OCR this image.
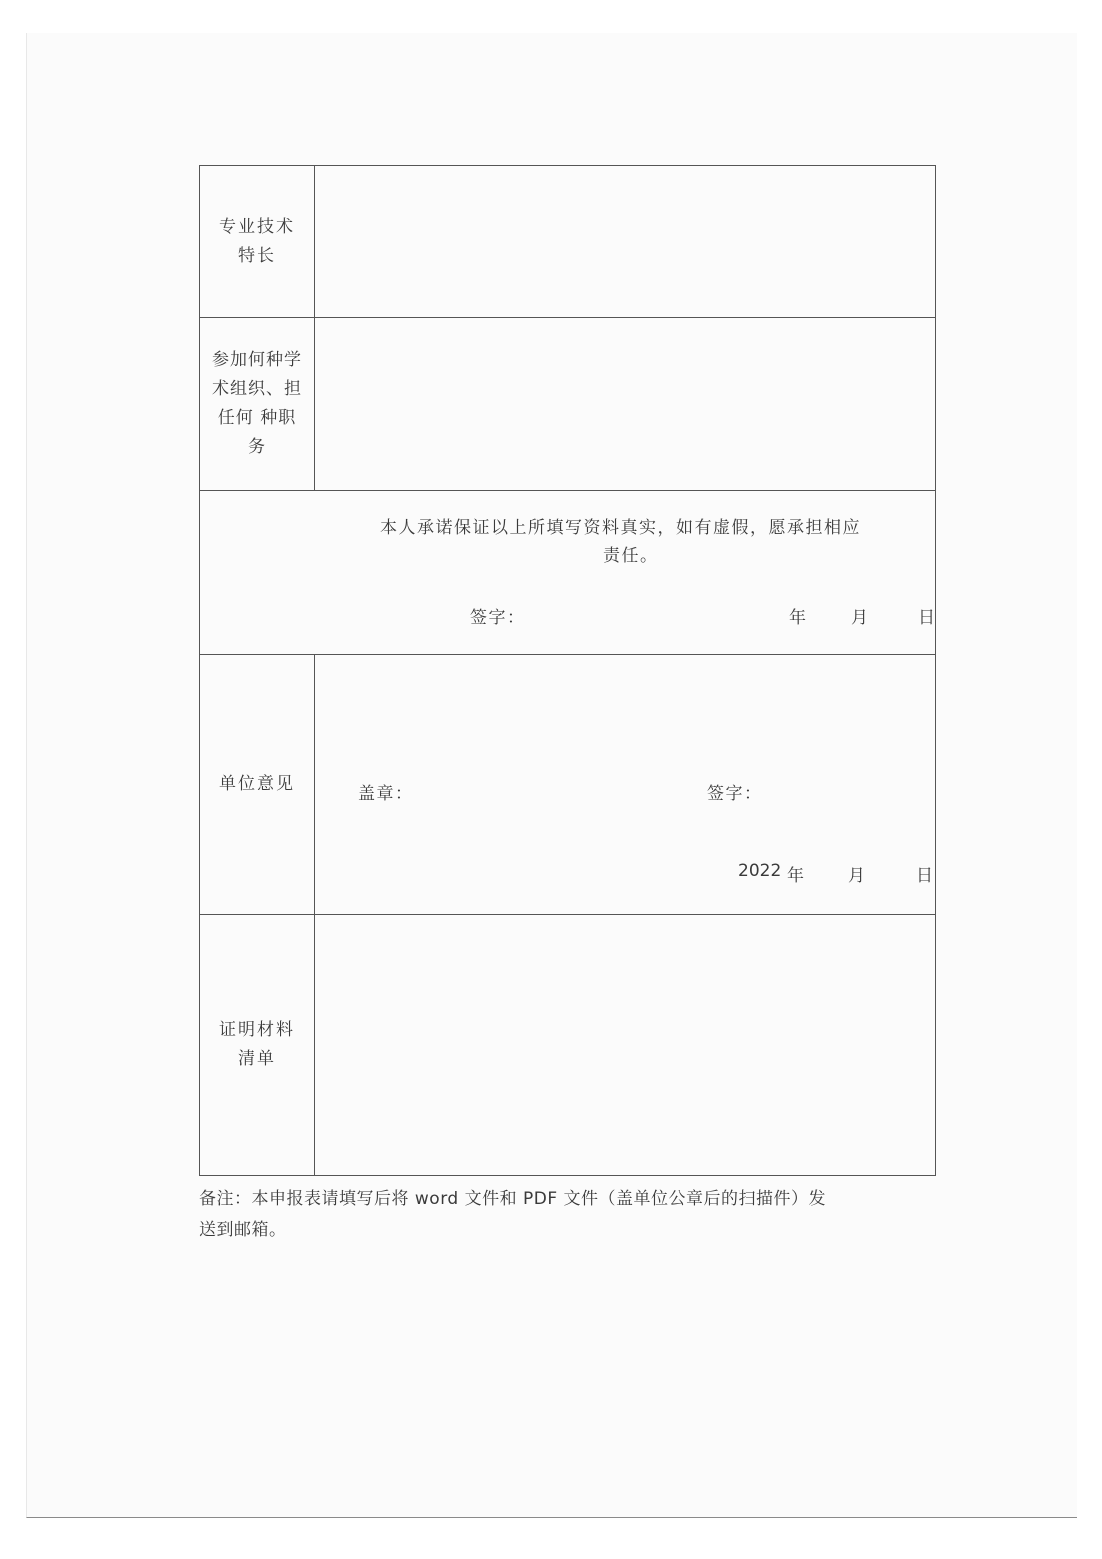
专业技术
特长
参加何种学
术组织、担
任何 种职
务
本人承诺保证以上所填写资料真实，如有虚假，愿承担相应
责任。
签字：	年	月	日
单位意见	盖章：	签字：
2022 年	月	日
证明材料
清单
备注：本申报表请填写后将 word 文件和 PDF 文件（盖单位公章后的扫描件）发
送到邮箱。
